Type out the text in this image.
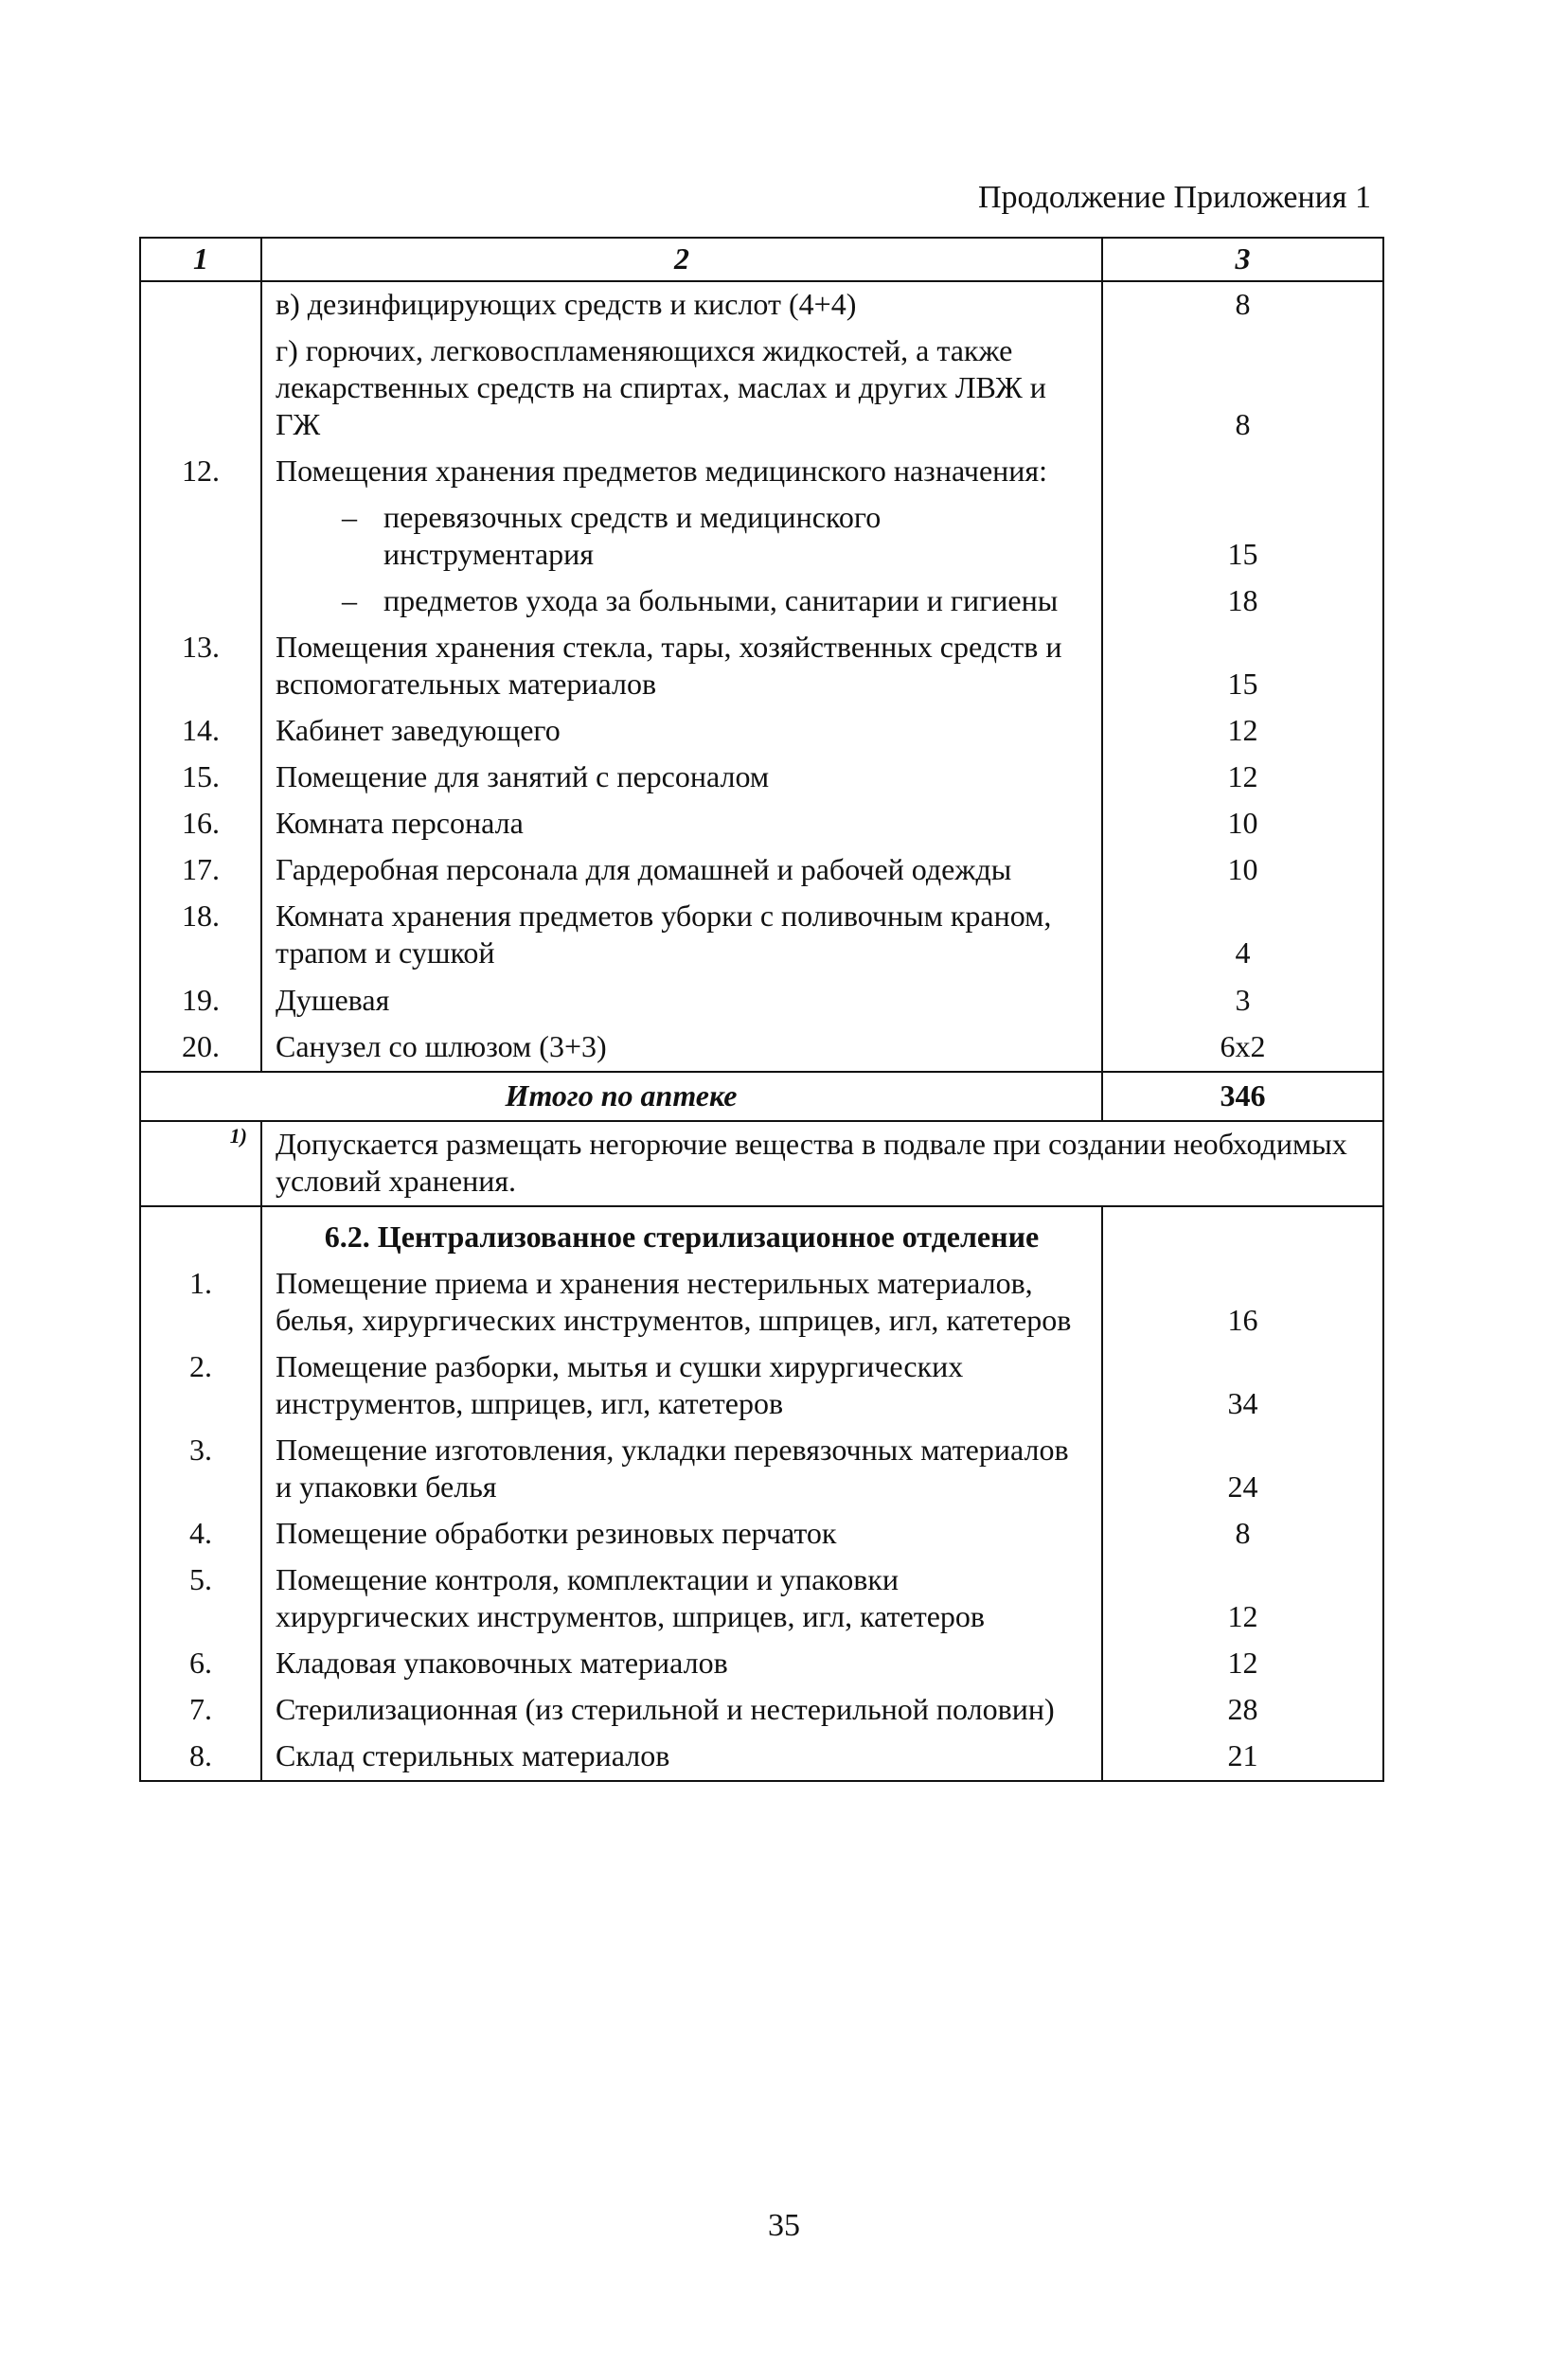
Продолжение Приложения 1
1	2	3
	в) дезинфицирующих средств и кислот (4+4)	8
	г) горючих, легковоспламеняющихся жидкостей, а также лекарственных средств на спиртах, маслах и других ЛВЖ и ГЖ	8
12.	Помещения хранения предметов медицинского назначения:	
	– перевязочных средств и медицинского инструментария	15
	– предметов ухода за больными, санитарии и гигиены	18
13.	Помещения хранения стекла, тары, хозяйственных средств и вспомогательных материалов	15
14.	Кабинет заведующего	12
15.	Помещение для занятий с персоналом	12
16.	Комната персонала	10
17.	Гардеробная персонала для домашней и рабочей одежды	10
18.	Комната хранения предметов уборки с поливочным краном, трапом и сушкой	4
19.	Душевая	3
20.	Санузел со шлюзом (3+3)	6x2
Итого по аптеке		346
1)	Допускается размещать негорючие вещества в подвале при создании необходимых условий хранения.	
	6.2. Централизованное стерилизационное отделение	
1.	Помещение приема и хранения нестерильных материалов, белья, хирургических инструментов, шприцев, игл, катетеров	16
2.	Помещение разборки, мытья и сушки хирургических инструментов, шприцев, игл, катетеров	34
3.	Помещение изготовления, укладки перевязочных материалов и упаковки белья	24
4.	Помещение обработки резиновых перчаток	8
5.	Помещение контроля, комплектации и упаковки хирургических инструментов, шприцев, игл, катетеров	12
6.	Кладовая упаковочных материалов	12
7.	Стерилизационная (из стерильной и нестерильной половин)	28
8.	Склад стерильных материалов	21
35
